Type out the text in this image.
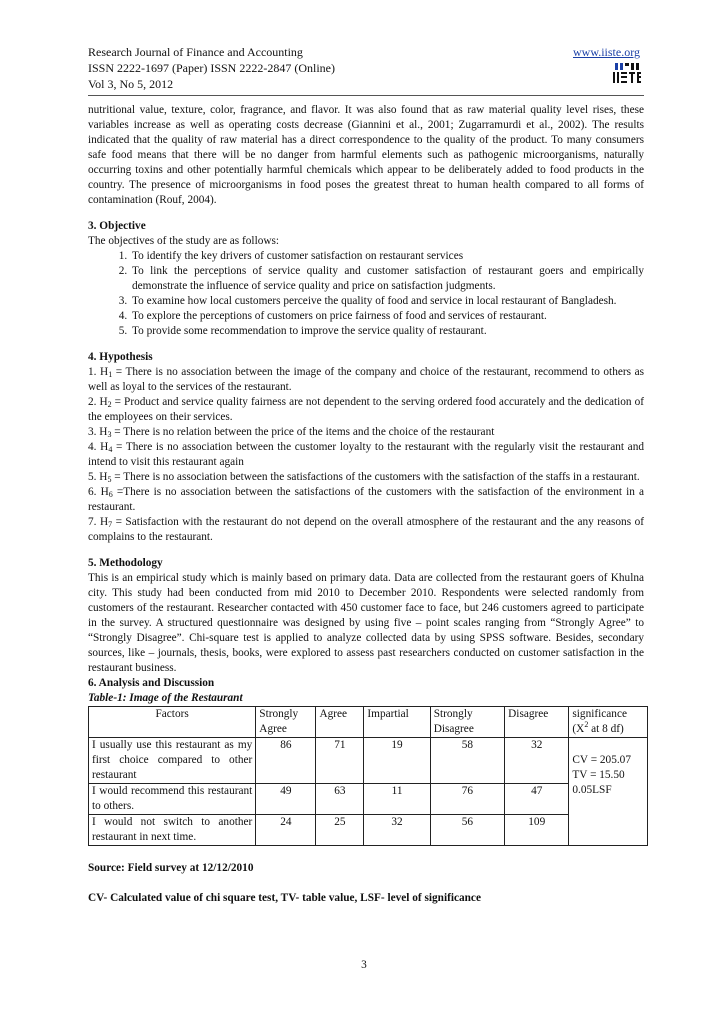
Research Journal of Finance and Accounting
ISSN 2222-1697 (Paper) ISSN 2222-2847 (Online)
Vol 3, No 5, 2012
www.iiste.org

nutritional value, texture, color, fragrance, and flavor. It was also found that as raw material quality level rises, these variables increase as well as operating costs decrease (Giannini et al., 2001; Zugarramurdi et al., 2002). The results indicated that the quality of raw material has a direct correspondence to the quality of the product. To many consumers safe food means that there will be no danger from harmful elements such as pathogenic microorganisms, naturally occurring toxins and other potentially harmful chemicals which appear to be deliberately added to food products in the country. The presence of microorganisms in food poses the greatest threat to human health compared to all forms of contamination (Rouf, 2004).

3. Objective

The objectives of the study are as follows:

1. To identify the key drivers of customer satisfaction on restaurant services
2. To link the perceptions of service quality and customer satisfaction of restaurant goers and empirically demonstrate the influence of service quality and price on satisfaction judgments.
3. To examine how local customers perceive the quality of food and service in local restaurant of Bangladesh.
4. To explore the perceptions of customers on price fairness of food and services of restaurant.
5. To provide some recommendation to improve the service quality of restaurant.

4. Hypothesis

1. $H_1$ = There is no association between the image of the company and choice of the restaurant, recommend to others as well as loyal to the services of the restaurant.

2. $H_2$ = Product and service quality fairness are not dependent to the serving ordered food accurately and the dedication of the employees on their services.

3. $H_3$ = There is no relation between the price of the items and the choice of the restaurant

4. $H_4$ = There is no association between the customer loyalty to the restaurant with the regularly visit the restaurant and intend to visit this restaurant again

5. $H_5$ = There is no association between the satisfactions of the customers with the satisfaction of the staffs in a restaurant.

6. $H_6$ =There is no association between the satisfactions of the customers with the satisfaction of the environment in a restaurant.

7. $H_7$ = Satisfaction with the restaurant do not depend on the overall atmosphere of the restaurant and the any reasons of complains to the restaurant.

5. Methodology

This is an empirical study which is mainly based on primary data. Data are collected from the restaurant goers of Khulna city. This study had been conducted from mid 2010 to December 2010. Respondents were selected randomly from customers of the restaurant. Researcher contacted with 450 customer face to face, but 246 customers agreed to participate in the survey. A structured questionnaire was designed by using five – point scales ranging from “Strongly Agree” to “Strongly Disagree”. Chi-square test is applied to analyze collected data by using SPSS software. Besides, secondary sources, like – journals, thesis, books, were explored to assess past researchers conducted on customer satisfaction in the restaurant business.

6. Analysis and Discussion

Table-1: Image of the Restaurant

Factors	Strongly Agree	Agree	Impartial	Strongly Disagree	Disagree	significance
($X^2$ at 8 df)
I usually use this restaurant as my first choice compared to other restaurant	86	71	19	58	32	CV = 205.07
TV = 15.50
0.05LSF
I would recommend this restaurant to others.	49	63	11	76	47	
I would not switch to another restaurant in next time.	24	25	32	56	109	

Source: Field survey at 12/12/2010

CV- Calculated value of chi square test, TV- table value, LSF- level of significance

3
